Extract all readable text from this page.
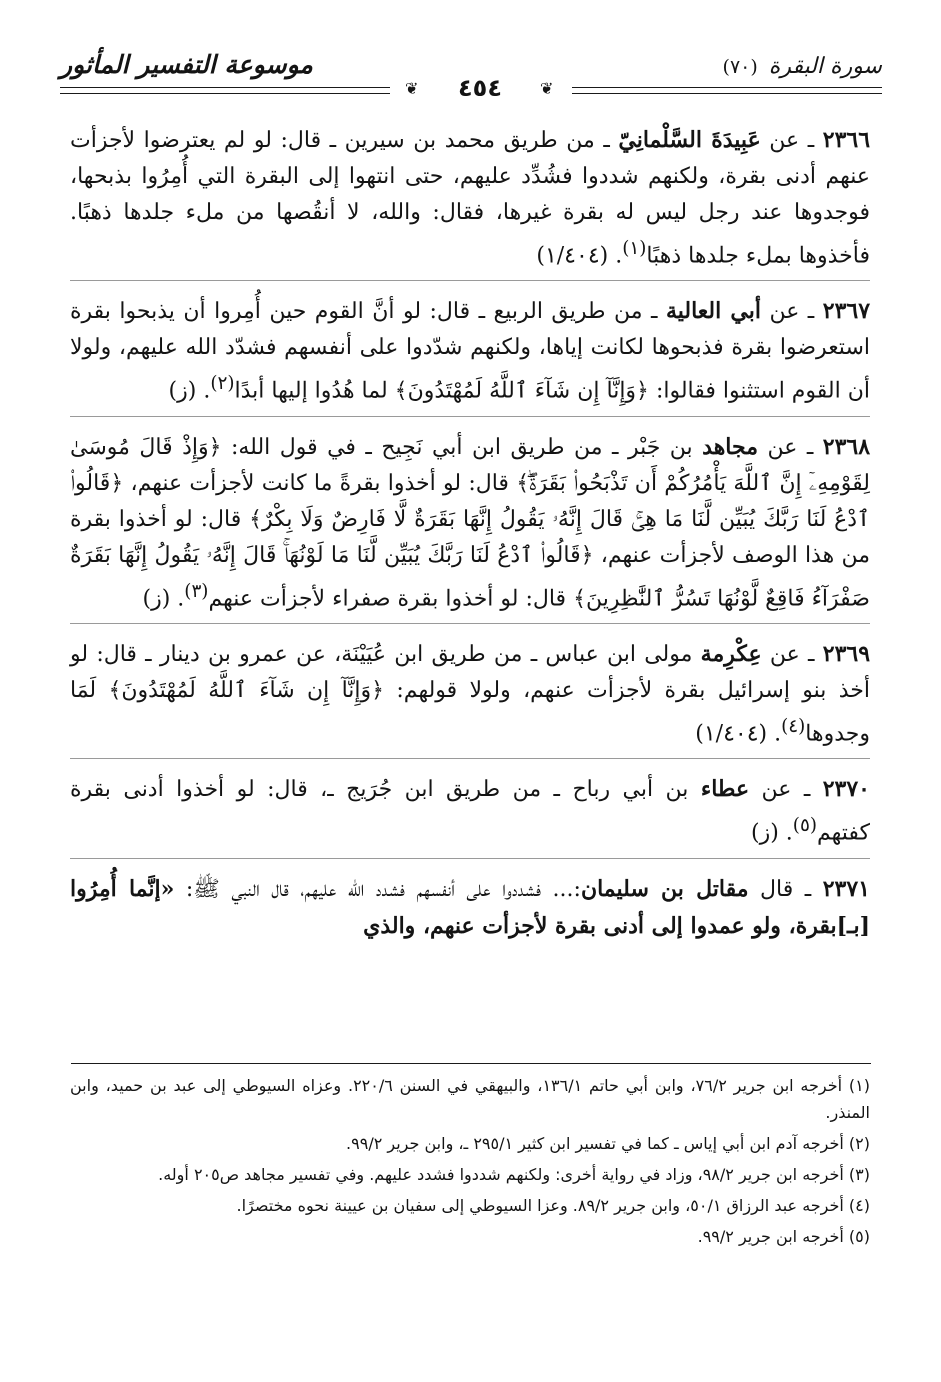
سورة البقرة (٧٠)
❦
٤٥٤
❦
موسوعة التفسير المأثور

٢٣٦٦ ـ عن عَبِيدَةَ السَّلْمانِيّ ـ من طريق محمد بن سيرين ـ قال: لو لم يعترضوا لأجزأت عنهم أدنى بقرة، ولكنهم شددوا فشُدِّد عليهم، حتى انتهوا إلى البقرة التي أُمِرُوا بذبحها، فوجدوها عند رجل ليس له بقرة غيرها، فقال: والله، لا أنقُصها من ملء جلدها ذهبًا. فأخذوها بملء جلدها ذهبًا$^{(١)}$. (١/٤٠٤)

٢٣٦٧ ـ عن أبي العالية ـ من طريق الربيع ـ قال: لو أنَّ القوم حين أُمِروا أن يذبحوا بقرة استعرضوا بقرة فذبحوها لكانت إياها، ولكنهم شدّدوا على أنفسهم فشدّد الله عليهم، ولولا أن القوم استثنوا فقالوا: ﴿وَإِنَّآ إِن شَآءَ ٱللَّهُ لَمُهْتَدُونَ﴾ لما هُدُوا إليها أبدًا$^{(٢)}$. (ز)

٢٣٦٨ ـ عن مجاهد بن جَبْر ـ من طريق ابن أبي نَجِيح ـ في قول الله: ﴿وَإِذْ قَالَ مُوسَىٰ لِقَوْمِهِۦٓ إِنَّ ٱللَّهَ يَأْمُرُكُمْ أَن تَذْبَحُوا۟ بَقَرَةًۖ﴾ قال: لو أخذوا بقرةً ما كانت لأجزأت عنهم، ﴿قَالُوا۟ ٱدْعُ لَنَا رَبَّكَ يُبَيِّن لَّنَا مَا هِىَۚ قَالَ إِنَّهُۥ يَقُولُ إِنَّهَا بَقَرَةٌ لَّا فَارِضٌ وَلَا بِكْرٌ﴾ قال: لو أخذوا بقرة من هذا الوصف لأجزأت عنهم، ﴿قَالُوا۟ ٱدْعُ لَنَا رَبَّكَ يُبَيِّن لَّنَا مَا لَوْنُهَاۚ قَالَ إِنَّهُۥ يَقُولُ إِنَّهَا بَقَرَةٌ صَفْرَآءُ فَاقِعٌ لَّوْنُهَا تَسُرُّ ٱلنَّٰظِرِينَ﴾ قال: لو أخذوا بقرة صفراء لأجزأت عنهم$^{(٣)}$. (ز)

٢٣٦٩ ـ عن عِكْرِمة مولى ابن عباس ـ من طريق ابن عُيَيْنَة، عن عمرو بن دينار ـ قال: لو أخذ بنو إسرائيل بقرة لأجزأت عنهم، ولولا قولهم: ﴿وَإِنَّآ إِن شَآءَ ٱللَّهُ لَمُهْتَدُونَ﴾ لَمَا وجدوها$^{(٤)}$. (١/٤٠٤)

٢٣٧٠ ـ عن عطاء بن أبي رباح ـ من طريق ابن جُرَيج ـ، قال: لو أخذوا أدنى بقرة كفتهم$^{(٥)}$. (ز)

٢٣٧١ ـ قال مقاتل بن سليمان:... فشددوا على أنفسهم فشدد الله عليهم، قال النبي ﷺ: «إنَّما أُمِرُوا [بـ]بقرة، ولو عمدوا إلى أدنى بقرة لأجزأت عنهم، والذي

(١) أخرجه ابن جرير ٧٦/٢، وابن أبي حاتم ١٣٦/١، والبيهقي في السنن ٢٢٠/٦. وعزاه السيوطي إلى عبد بن حميد، وابن المنذر.

(٢) أخرجه آدم ابن أبي إياس ـ كما في تفسير ابن كثير ٢٩٥/١ ـ، وابن جرير ٩٩/٢.

(٣) أخرجه ابن جرير ٩٨/٢، وزاد في رواية أخرى: ولكنهم شددوا فشدد عليهم. وفي تفسير مجاهد ص٢٠٥ أوله.

(٤) أخرجه عبد الرزاق ٥٠/١، وابن جرير ٨٩/٢. وعزا السيوطي إلى سفيان بن عيينة نحوه مختصرًا.

(٥) أخرجه ابن جرير ٩٩/٢.
